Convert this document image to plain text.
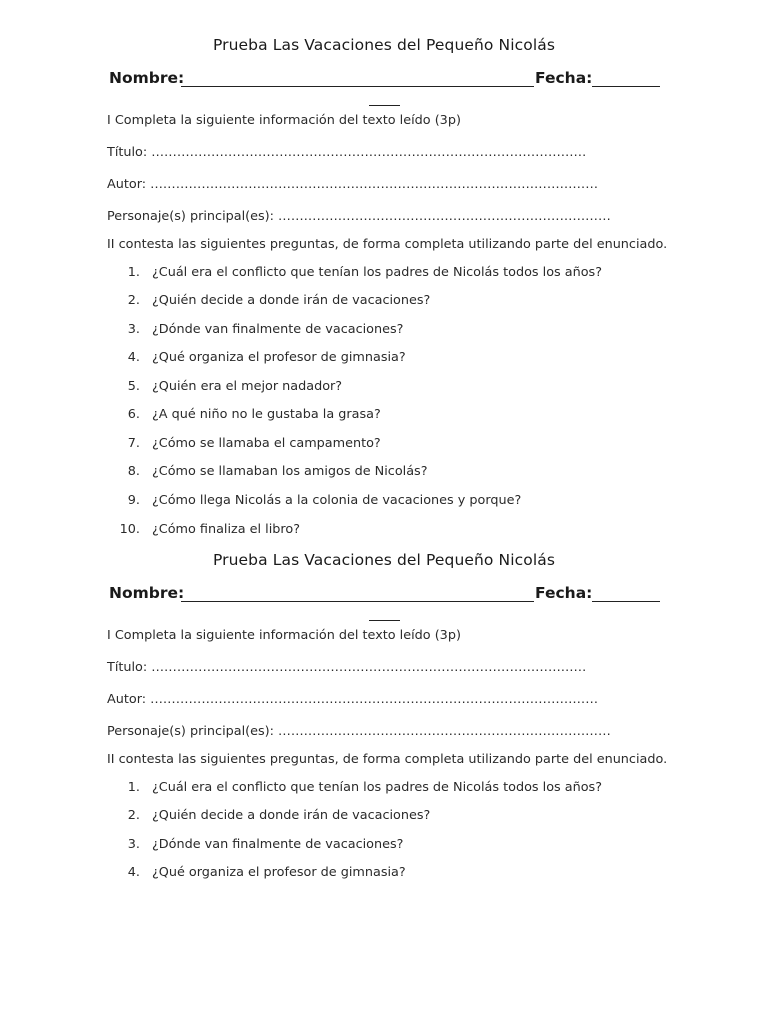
Prueba Las Vacaciones del Pequeño Nicolás
Nombre:	Fecha:
I Completa la siguiente información del texto leído (3p)
Título: …………………………………………………………………………………………
Autor: ……………………………………………………………………………………………
Personaje(s) principal(es): ……………………………………………………………………
II contesta las siguientes preguntas, de forma completa utilizando parte del enunciado.
1. ¿Cuál era el conflicto que tenían los padres de Nicolás todos los años?
2. ¿Quién decide a donde irán de vacaciones?
3. ¿Dónde van finalmente de vacaciones?
4. ¿Qué organiza el profesor de gimnasia?
5. ¿Quién era el mejor nadador?
6. ¿A qué niño no le gustaba la grasa?
7. ¿Cómo se llamaba el campamento?
8. ¿Cómo se llamaban los amigos de Nicolás?
9. ¿Cómo llega Nicolás a la colonia de vacaciones y porque?
10. ¿Cómo finaliza el libro?
Prueba Las Vacaciones del Pequeño Nicolás
Nombre:	Fecha:
I Completa la siguiente información del texto leído (3p)
Título: …………………………………………………………………………………………
Autor: ……………………………………………………………………………………………
Personaje(s) principal(es): ……………………………………………………………………
II contesta las siguientes preguntas, de forma completa utilizando parte del enunciado.
1. ¿Cuál era el conflicto que tenían los padres de Nicolás todos los años?
2. ¿Quién decide a donde irán de vacaciones?
3. ¿Dónde van finalmente de vacaciones?
4. ¿Qué organiza el profesor de gimnasia?
